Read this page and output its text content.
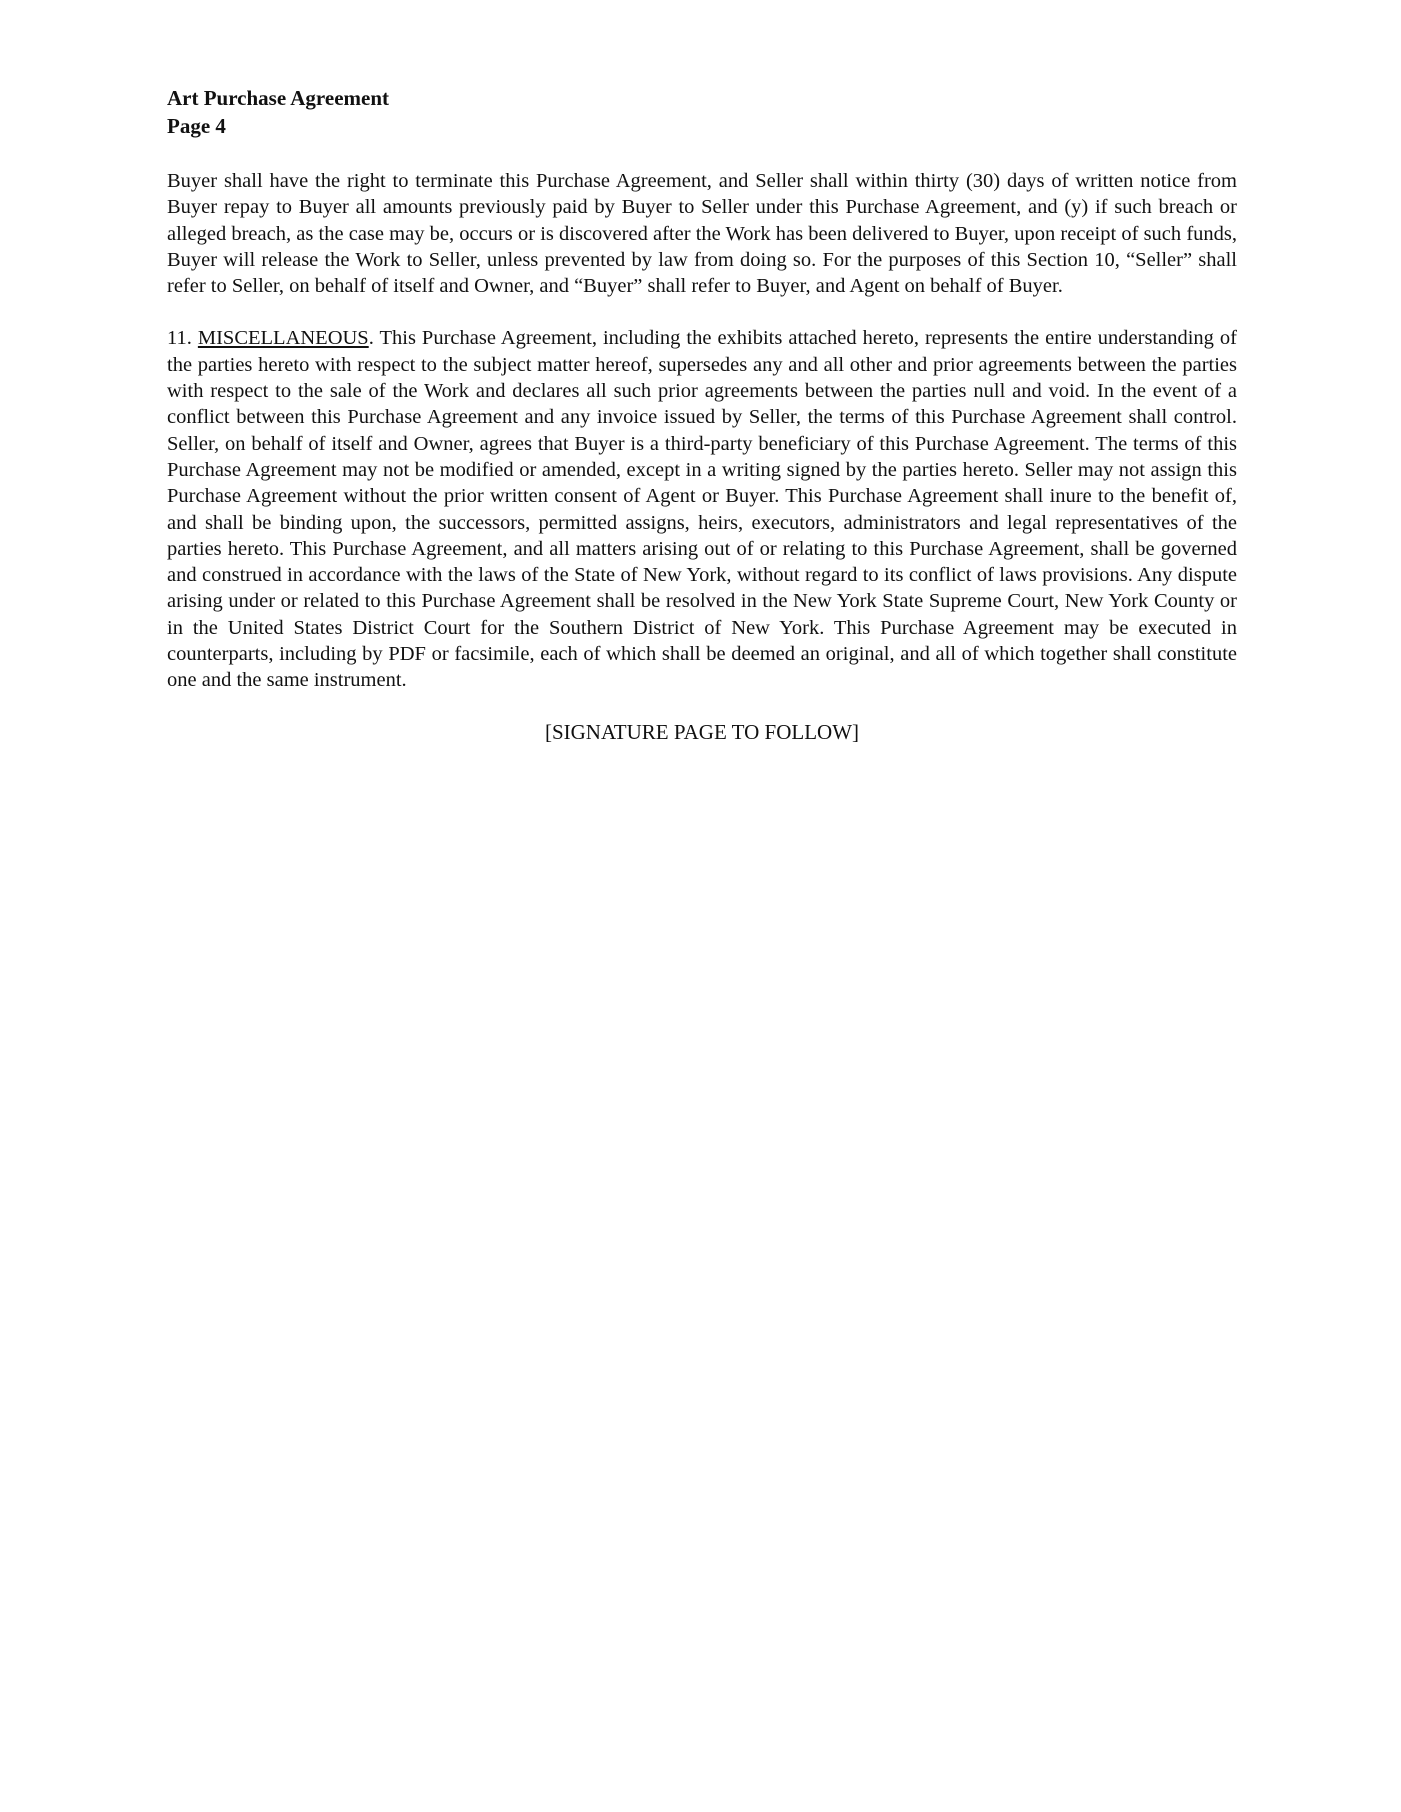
Art Purchase Agreement

Page 4

Buyer shall have the right to terminate this Purchase Agreement, and Seller shall within thirty (30) days of written notice from Buyer repay to Buyer all amounts previously paid by Buyer to Seller under this Purchase Agreement, and (y) if such breach or alleged breach, as the case may be, occurs or is discovered after the Work has been delivered to Buyer, upon receipt of such funds, Buyer will release the Work to Seller, unless prevented by law from doing so. For the purposes of this Section 10, “Seller” shall refer to Seller, on behalf of itself and Owner, and “Buyer” shall refer to Buyer, and Agent on behalf of Buyer.

11. MISCELLANEOUS. This Purchase Agreement, including the exhibits attached hereto, represents the entire understanding of the parties hereto with respect to the subject matter hereof, supersedes any and all other and prior agreements between the parties with respect to the sale of the Work and declares all such prior agreements between the parties null and void. In the event of a conflict between this Purchase Agreement and any invoice issued by Seller, the terms of this Purchase Agreement shall control. Seller, on behalf of itself and Owner, agrees that Buyer is a third-party beneficiary of this Purchase Agreement. The terms of this Purchase Agreement may not be modified or amended, except in a writing signed by the parties hereto. Seller may not assign this Purchase Agreement without the prior written consent of Agent or Buyer. This Purchase Agreement shall inure to the benefit of, and shall be binding upon, the successors, permitted assigns, heirs, executors, administrators and legal representatives of the parties hereto. This Purchase Agreement, and all matters arising out of or relating to this Purchase Agreement, shall be governed and construed in accordance with the laws of the State of New York, without regard to its conflict of laws provisions. Any dispute arising under or related to this Purchase Agreement shall be resolved in the New York State Supreme Court, New York County or in the United States District Court for the Southern District of New York. This Purchase Agreement may be executed in counterparts, including by PDF or facsimile, each of which shall be deemed an original, and all of which together shall constitute one and the same instrument.

[SIGNATURE PAGE TO FOLLOW]
